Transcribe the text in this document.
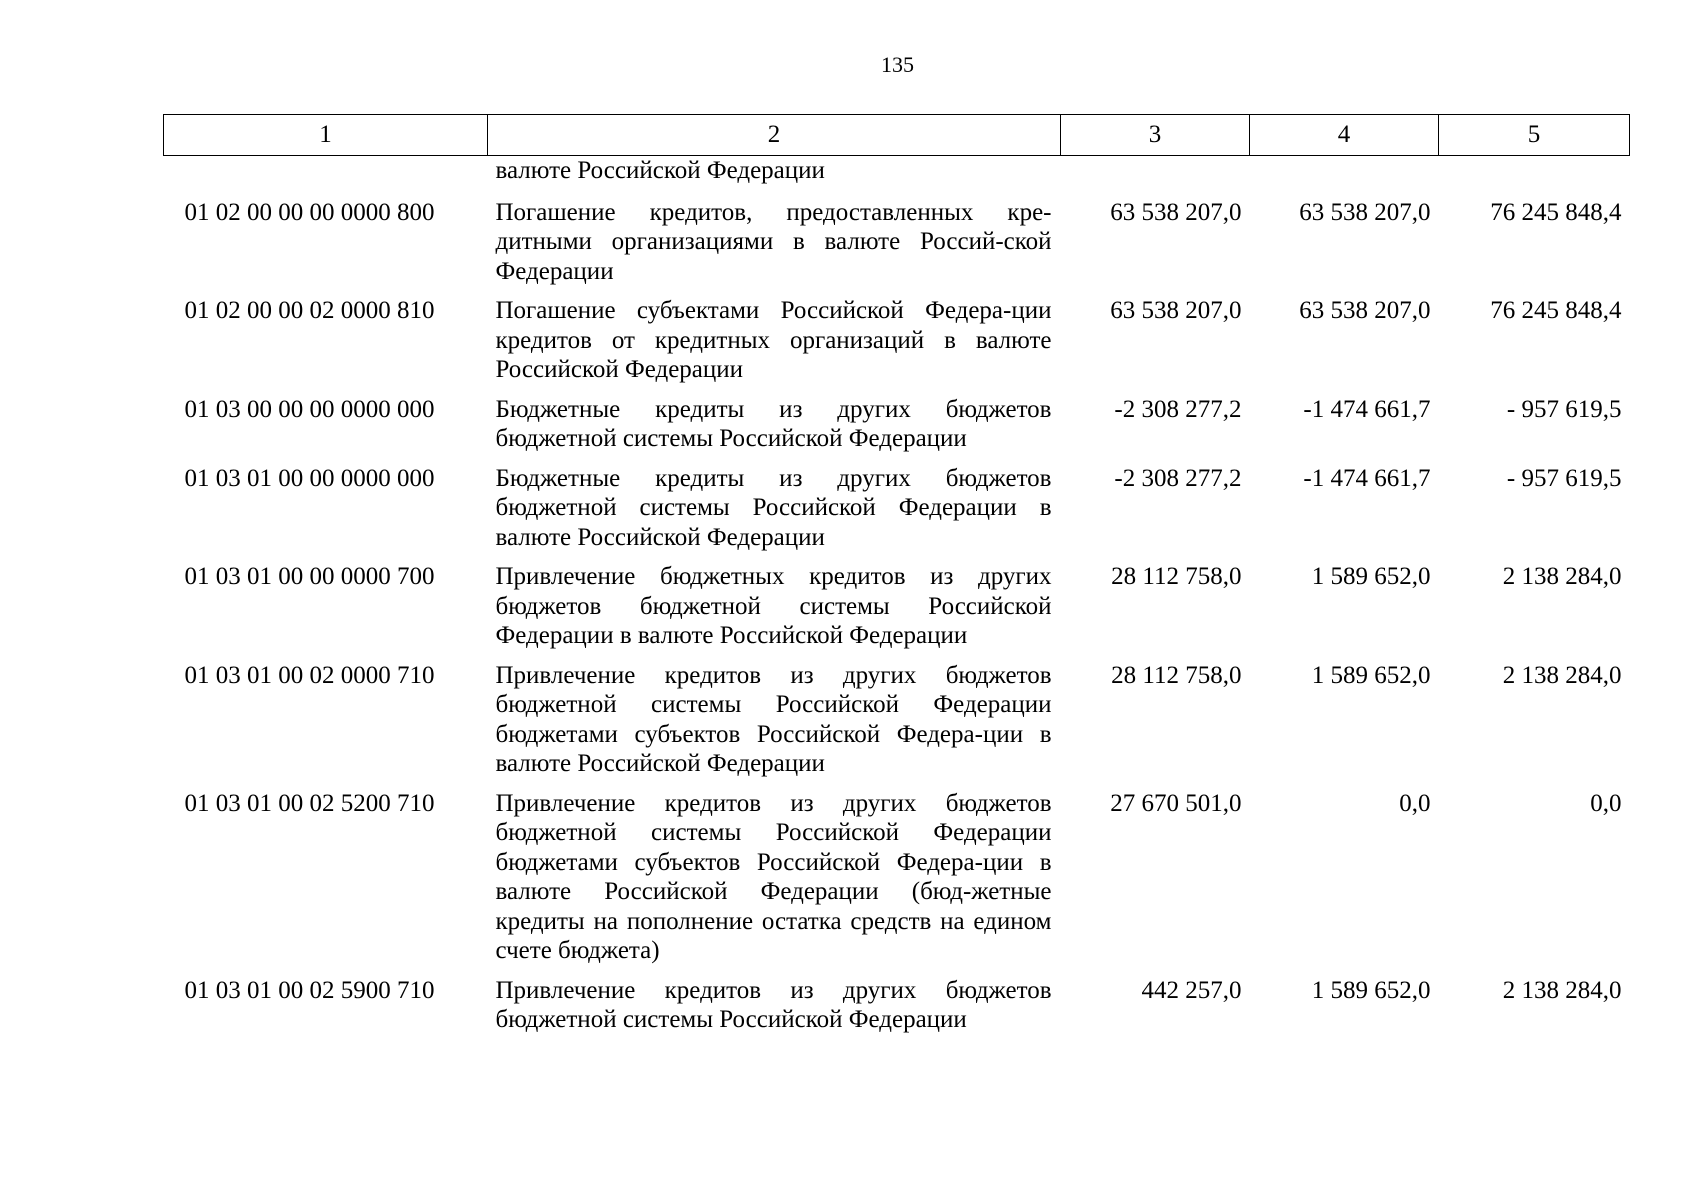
135
1	2	3	4	5
	валюте Российской Федерации			
01 02 00 00 00 0000 800	Погашение кредитов, предоставленных кре-дитными организациями в валюте Россий-ской Федерации	63 538 207,0	63 538 207,0	76 245 848,4
01 02 00 00 02 0000 810	Погашение субъектами Российской Федера-ции кредитов от кредитных организаций в валюте Российской Федерации	63 538 207,0	63 538 207,0	76 245 848,4
01 03 00 00 00 0000 000	Бюджетные кредиты из других бюджетов бюджетной системы Российской Федерации	-2 308 277,2	-1 474 661,7	- 957 619,5
01 03 01 00 00 0000 000	Бюджетные кредиты из других бюджетов бюджетной системы Российской Федерации в валюте Российской Федерации	-2 308 277,2	-1 474 661,7	- 957 619,5
01 03 01 00 00 0000 700	Привлечение бюджетных кредитов из других бюджетов бюджетной системы Российской Федерации в валюте Российской Федерации	28 112 758,0	1 589 652,0	2 138 284,0
01 03 01 00 02 0000 710	Привлечение кредитов из других бюджетов бюджетной системы Российской Федерации бюджетами субъектов Российской Федера-ции в валюте Российской Федерации	28 112 758,0	1 589 652,0	2 138 284,0
01 03 01 00 02 5200 710	Привлечение кредитов из других бюджетов бюджетной системы Российской Федерации бюджетами субъектов Российской Федера-ции в валюте Российской Федерации (бюд-жетные кредиты на пополнение остатка средств на едином счете бюджета)	27 670 501,0	0,0	0,0
01 03 01 00 02 5900 710	Привлечение кредитов из других бюджетов бюджетной системы Российской Федерации	442 257,0	1 589 652,0	2 138 284,0
